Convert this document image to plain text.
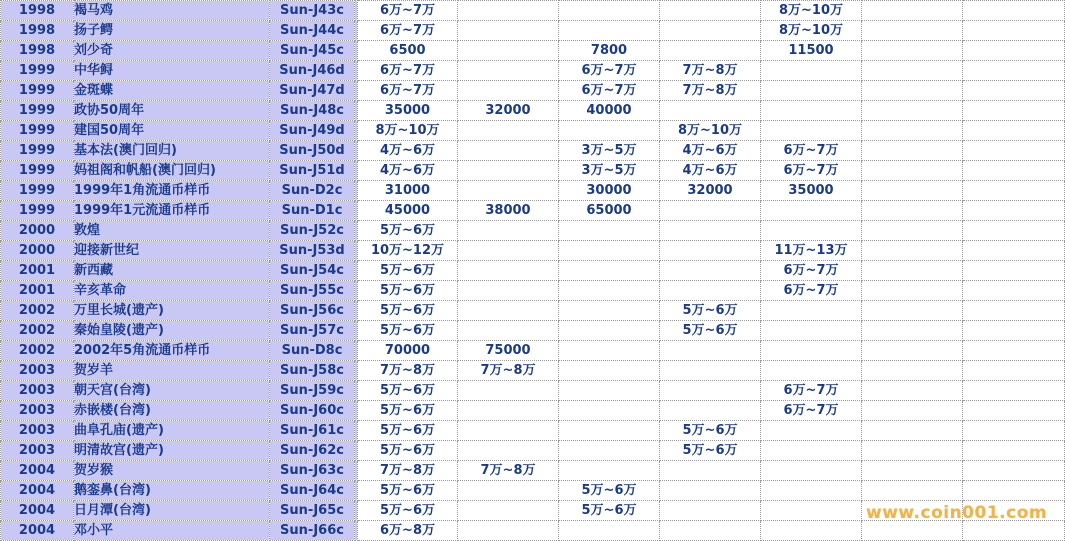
1998	褐马鸡	Sun-J43c		6万~7万				8万~10万		
1998	扬子鳄	Sun-J44c		6万~7万				8万~10万		
1998	刘少奇	Sun-J45c		6500		7800		11500		
1999	中华鲟	Sun-J46d		6万~7万		6万~7万	7万~8万			
1999	金斑蝶	Sun-J47d		6万~7万		6万~7万	7万~8万			
1999	政协50周年	Sun-J48c		35000	32000	40000				
1999	建国50周年	Sun-J49d		8万~10万			8万~10万			
1999	基本法(澳门回归)	Sun-J50d		4万~6万		3万~5万	4万~6万	6万~7万		
1999	妈祖阁和帆船(澳门回归)	Sun-J51d		4万~6万		3万~5万	4万~6万	6万~7万		
1999	1999年1角流通币样币	Sun-D2c		31000		30000	32000	35000		
1999	1999年1元流通币样币	Sun-D1c		45000	38000	65000				
2000	敦煌	Sun-J52c		5万~6万						
2000	迎接新世纪	Sun-J53d		10万~12万				11万~13万		
2001	新西藏	Sun-J54c		5万~6万				6万~7万		
2001	辛亥革命	Sun-J55c		5万~6万				6万~7万		
2002	万里长城(遗产)	Sun-J56c		5万~6万			5万~6万			
2002	秦始皇陵(遗产)	Sun-J57c		5万~6万			5万~6万			
2002	2002年5角流通币样币	Sun-D8c		70000	75000					
2003	贺岁羊	Sun-J58c		7万~8万	7万~8万					
2003	朝天宫(台湾)	Sun-J59c		5万~6万				6万~7万		
2003	赤嵌楼(台湾)	Sun-J60c		5万~6万				6万~7万		
2003	曲阜孔庙(遗产)	Sun-J61c		5万~6万			5万~6万			
2003	明清故宫(遗产)	Sun-J62c		5万~6万			5万~6万			
2004	贺岁猴	Sun-J63c		7万~8万	7万~8万					
2004	鹅銮鼻(台湾)	Sun-J64c		5万~6万		5万~6万				
2004	日月潭(台湾)	Sun-J65c		5万~6万		5万~6万				
2004	邓小平	Sun-J66c		6万~8万						
www.coin001.com
